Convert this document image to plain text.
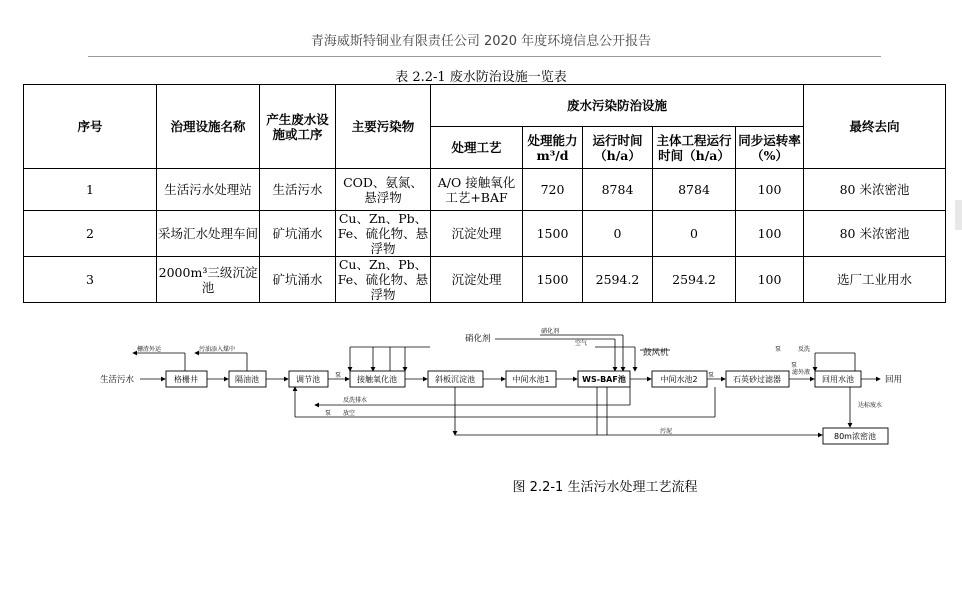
青海威斯特铜业有限责任公司 2020 年度环境信息公开报告
表 2.2-1 废水防治设施一览表
序号	治理设施名称	产生废水设施或工序	主要污染物	废水污染防治设施					最终去向
				处理工艺	处理能力m³/d	运行时间（h/a）	主体工程运行时间（h/a）	同步运转率（%）	
1	生活污水处理站	生活污水	COD、氨氮、悬浮物	A/O 接触氧化工艺+BAF	720	8784	8784	100	80 米浓密池
2	采场汇水处理车间	矿坑涌水	Cu、Zn、Pb、Fe、硫化物、悬浮物	沉淀处理	1500	0	0	100	80 米浓密池
3	2000m³三级沉淀池	矿坑涌水	Cu、Zn、Pb、Fe、硫化物、悬浮物	沉淀处理	1500	2594.2	2594.2	100	选厂工业用水
格栅井	隔油池	调节池	接触氧化池	斜板沉淀池	中间水池1	WS-BAF池	中间水池2	石英砂过滤器	回用水池
80m浓密池
生活污水	回用
硝化剂
鼓风机
栅渣外运	污油添入煤中
硝化剂
空气
反洗排水
放空
污泥
达标废水
泵	泵
泵
泵
泵
反洗
滤外液
图 2.2-1 生活污水处理工艺流程
